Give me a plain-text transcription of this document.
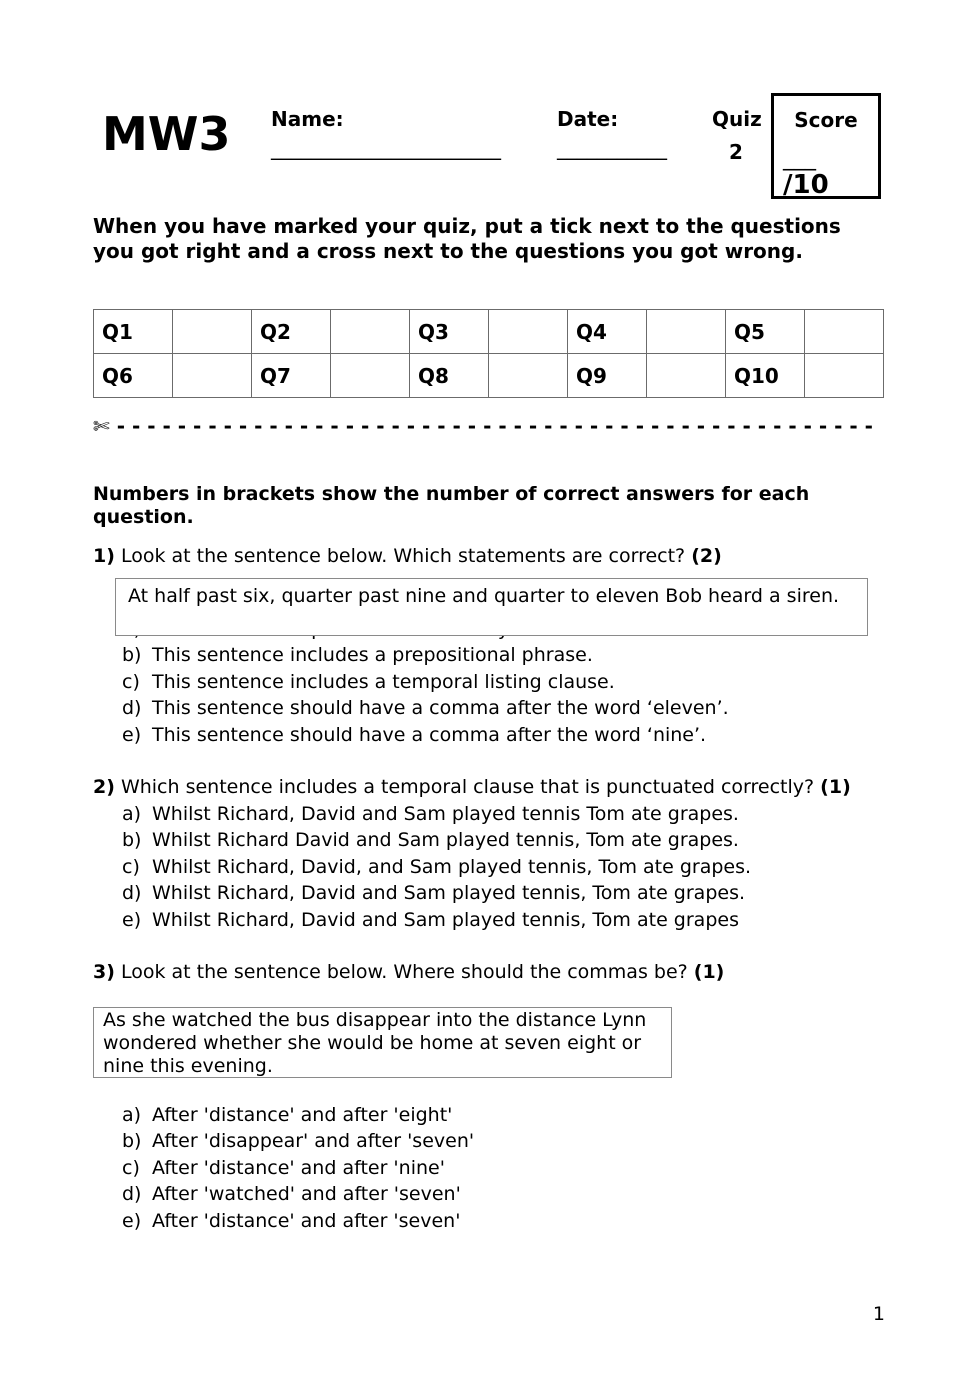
MW3 Name:
_______________________
Date:
___________
Quiz
2
Score
___
/10
When you have marked your quiz, put a tick next to the questions you got right and a cross next to the questions you got wrong.
Q1		Q2		Q3		Q4		Q5	
Q6		Q7		Q8		Q9		Q10	
✄ - - - - - - - - - - - - - - - - - - - - - - - - - - - - - - - - - - - - - - - - - - - - - - - - - -
Numbers in brackets show the number of correct answers for each question.
1) Look at the sentence below. Which statements are correct? (2)
b) This sentence includes a prepositional phrase.
c) This sentence includes a temporal listing clause.
d) This sentence should have a comma after the word ‘eleven’.
e) This sentence should have a comma after the word ‘nine’.
At half past six, quarter past nine and quarter to eleven Bob heard a siren.
2) Which sentence includes a temporal clause that is punctuated correctly? (1)
a) Whilst Richard, David and Sam played tennis Tom ate grapes.
b) Whilst Richard David and Sam played tennis, Tom ate grapes.
c) Whilst Richard, David, and Sam played tennis, Tom ate grapes.
d) Whilst Richard, David and Sam played tennis, Tom ate grapes.
e) Whilst Richard, David and Sam played tennis, Tom ate grapes
3) Look at the sentence below. Where should the commas be? (1)
As she watched the bus disappear into the distance Lynn wondered whether she would be home at seven eight or nine this evening.
a) After 'distance' and after 'eight'
b) After 'disappear' and after 'seven'
c) After 'distance' and after 'nine'
d) After 'watched' and after 'seven'
e) After 'distance' and after 'seven'
1
